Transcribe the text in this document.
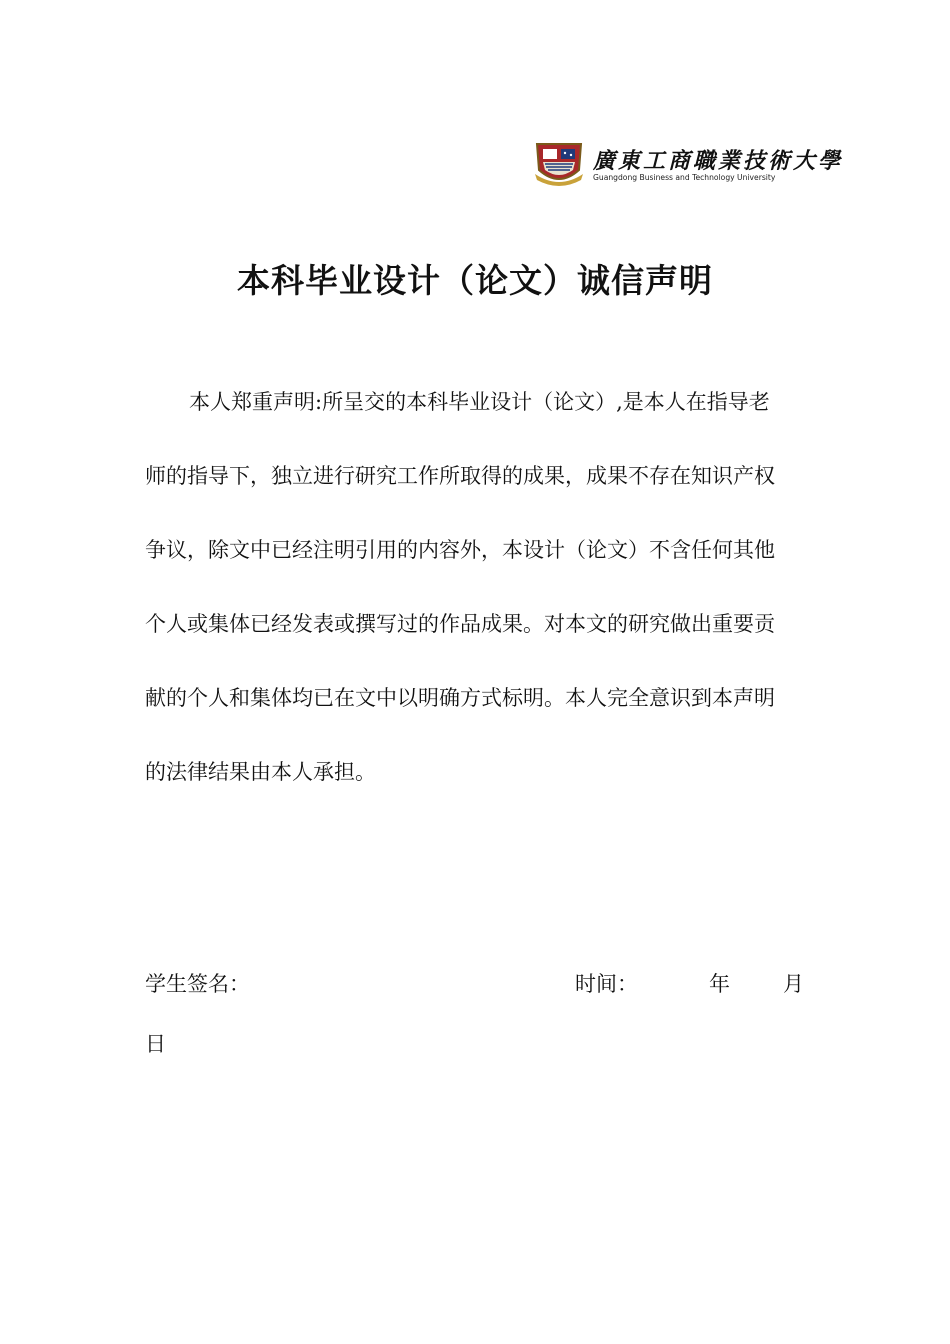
廣東工商職業技術大學
Guangdong Business and Technology University
本科毕业设计（论文）诚信声明
本人郑重声明:所呈交的本科毕业设计（论文）,是本人在指导老
师的指导下，独立进行研究工作所取得的成果，成果不存在知识产权
争议，除文中已经注明引用的内容外，本设计（论文）不含任何其他
个人或集体已经发表或撰写过的作品成果。对本文的研究做出重要贡
献的个人和集体均已在文中以明确方式标明。本人完全意识到本声明
的法律结果由本人承担。
学生签名：	时间：	年	月
日
